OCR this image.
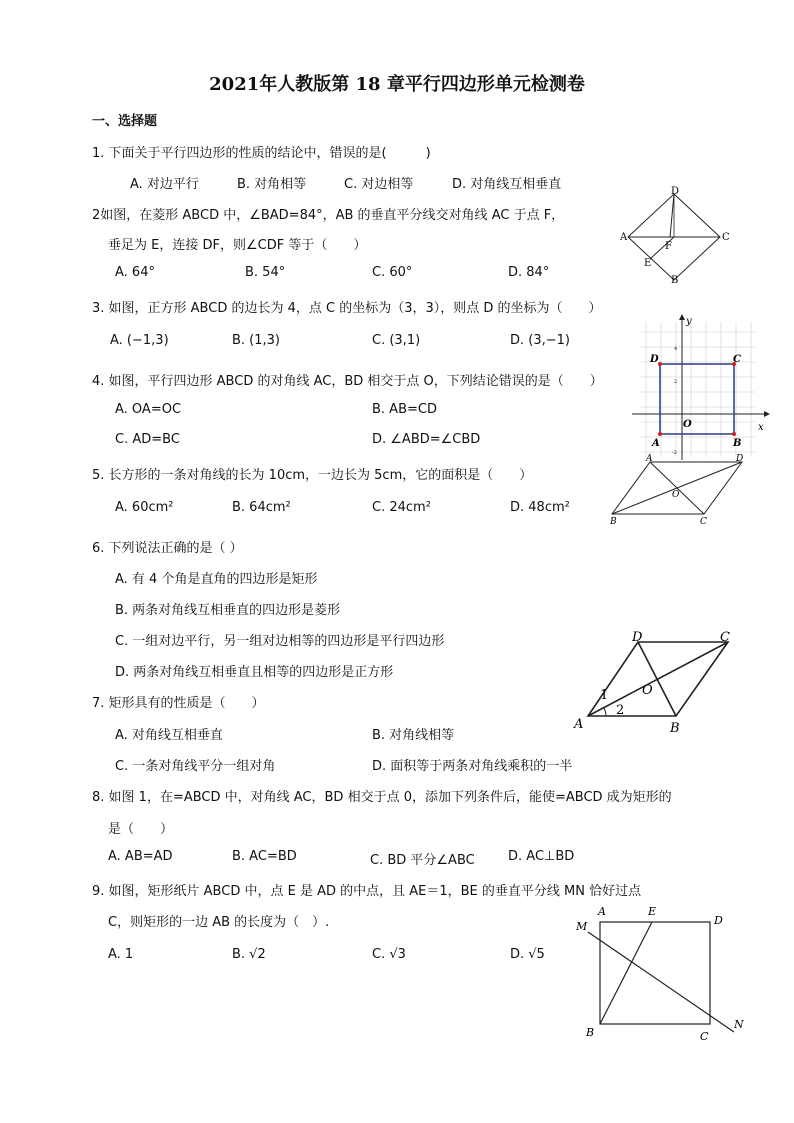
2021年人教版第 18 章平行四边形单元检测卷
一、选择题
1. 下面关于平行四边形的性质的结论中，错误的是(　　　)
A. 对边平行	B. 对角相等	C. 对边相等	D. 对角线互相垂直
2如图，在菱形 ABCD 中，∠BAD=84°，AB 的垂直平分线交对角线 AC 于点 F，
垂足为 E，连接 DF，则∠CDF 等于（　　）
A. 64°	B. 54°	C. 60°	D. 84°
D
A
F
C
E
B
3. 如图，正方形 ABCD 的边长为 4，点 C 的坐标为（3，3），则点 D 的坐标为（　　）
A. (−1,3)	B. (1,3)	C. (3,1)	D. (3,−1)
D	C
A	B
O	x
y
4
2
-2
4. 如图，平行四边形 ABCD 的对角线 AC，BD 相交于点 O，下列结论错误的是（　　）
A. OA=OC	B. AB=CD
C. AD=BC	D. ∠ABD=∠CBD
A	D
O
B	C
5. 长方形的一条对角线的长为 10cm，一边长为 5cm，它的面积是（　　）
A. 60cm²	B. 64cm²	C. 24cm²	D. 48cm²
6. 下列说法正确的是（ ）
A. 有 4 个角是直角的四边形是矩形
B. 两条对角线互相垂直的四边形是菱形
C. 一组对边平行，另一组对边相等的四边形是平行四边形
D. 两条对角线互相垂直且相等的四边形是正方形
D	C
O
1
2
A	B
7. 矩形具有的性质是（　　）
A. 对角线互相垂直	B. 对角线相等
C. 一条对角线平分一组对角	D. 面积等于两条对角线乘积的一半
8. 如图 1，在=ABCD 中，对角线 AC，BD 相交于点 0，添加下列条件后，能使=ABCD 成为矩形的
是（　　）
A. AB=AD	B. AC=BD	C. BD 平分∠ABC	D. AC⊥BD
9. 如图，矩形纸片 ABCD 中，点 E 是 AD 的中点，且 AE＝1，BE 的垂直平分线 MN 恰好过点
C，则矩形的一边 AB 的长度为（　）.
A. 1	B. √2	C. √3	D. √5
A	E
D
M
B	C
N
